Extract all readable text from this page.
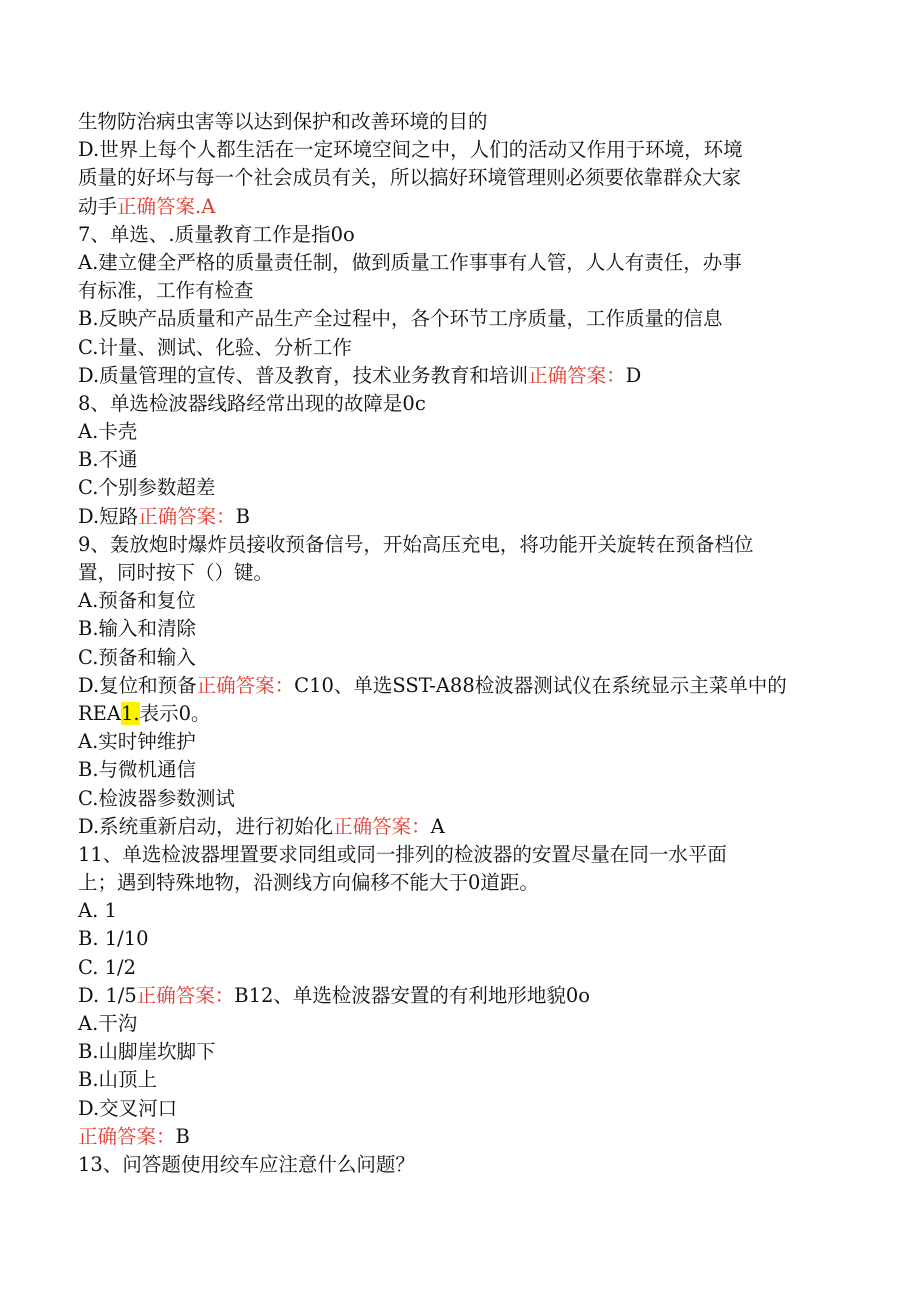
生物防治病虫害等以达到保护和改善环境的目的
D.世界上每个人都生活在一定环境空间之中，人们的活动又作用于环境，环境
质量的好坏与每一个社会成员有关，所以搞好环境管理则必须要依靠群众大家
动手正确答案.A
7、单选、.质量教育工作是指0o
A.建立健全严格的质量责任制，做到质量工作事事有人管，人人有责任，办事
有标准，工作有检查
B.反映产品质量和产品生产全过程中，各个环节工序质量，工作质量的信息
C.计量、测试、化验、分析工作
D.质量管理的宣传、普及教育，技术业务教育和培训正确答案：D
8、单选检波器线路经常出现的故障是0c
A.卡壳
B.不通
C.个别参数超差
D.短路正确答案：B
9、轰放炮时爆炸员接收预备信号，开始高压充电，将功能开关旋转在预备档位
置，同时按下（）键。
A.预备和复位
B.输入和清除
C.预备和输入
D.复位和预备正确答案：C10、单选SST-A88检波器测试仪在系统显示主菜单中的
REA1.表示0。
A.实时钟维护
B.与微机通信
C.检波器参数测试
D.系统重新启动，进行初始化正确答案：A
11、单选检波器埋置要求同组或同一排列的检波器的安置尽量在同一水平面
上；遇到特殊地物，沿测线方向偏移不能大于0道距。
A. 1
B. 1/10
C. 1/2
D. 1/5正确答案：B12、单选检波器安置的有利地形地貌0o
A.干沟
B.山脚崖坎脚下
B.山顶上
D.交叉河口
正确答案：B
13、问答题使用绞车应注意什么问题？
